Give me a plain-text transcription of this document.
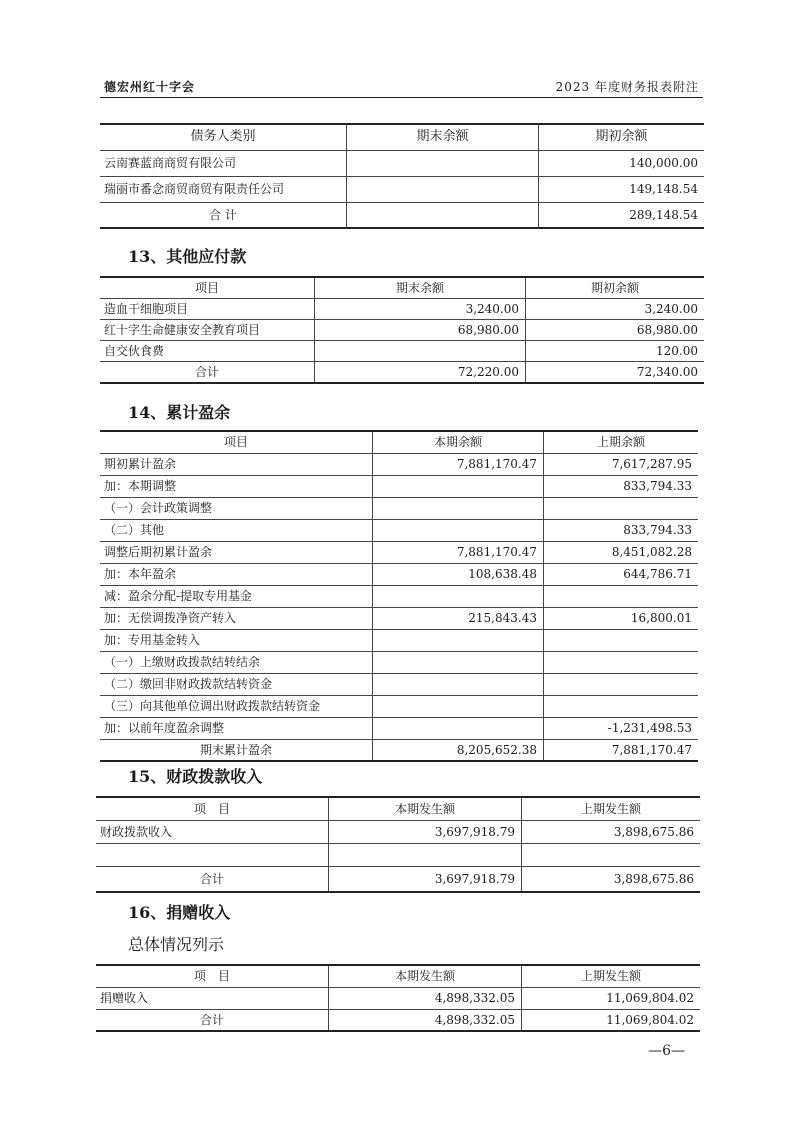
德宏州红十字会	2023 年度财务报表附注
债务人类别	期末余额	期初余额
云南赛蓝商商贸有限公司		140,000.00
瑞丽市番念商贸商贸有限责任公司		149,148.54
合 计		289,148.54
13、其他应付款
项目	期末余额	期初余额
造血干细胞项目	3,240.00	3,240.00
红十字生命健康安全教育项目	68,980.00	68,980.00
自交伙食费		120.00
合计	72,220.00	72,340.00
14、累计盈余
项目	本期余额	上期余额
期初累计盈余	7,881,170.47	7,617,287.95
加：本期调整		833,794.33
（一）会计政策调整		
（二）其他		833,794.33
调整后期初累计盈余	7,881,170.47	8,451,082.28
加：本年盈余	108,638.48	644,786.71
减：盈余分配-提取专用基金		
加：无偿调拨净资产转入	215,843.43	16,800.01
加：专用基金转入		
（一）上缴财政拨款结转结余		
（二）缴回非财政拨款结转资金		
（三）向其他单位调出财政拨款结转资金		
加：以前年度盈余调整		-1,231,498.53
期末累计盈余	8,205,652.38	7,881,170.47
15、财政拨款收入
项　目	本期发生额	上期发生额
财政拨款收入	3,697,918.79	3,898,675.86

合计	3,697,918.79	3,898,675.86
16、捐赠收入
总体情况列示
项　目	本期发生额	上期发生额
捐赠收入	4,898,332.05	11,069,804.02
合计	4,898,332.05	11,069,804.02
—6—
